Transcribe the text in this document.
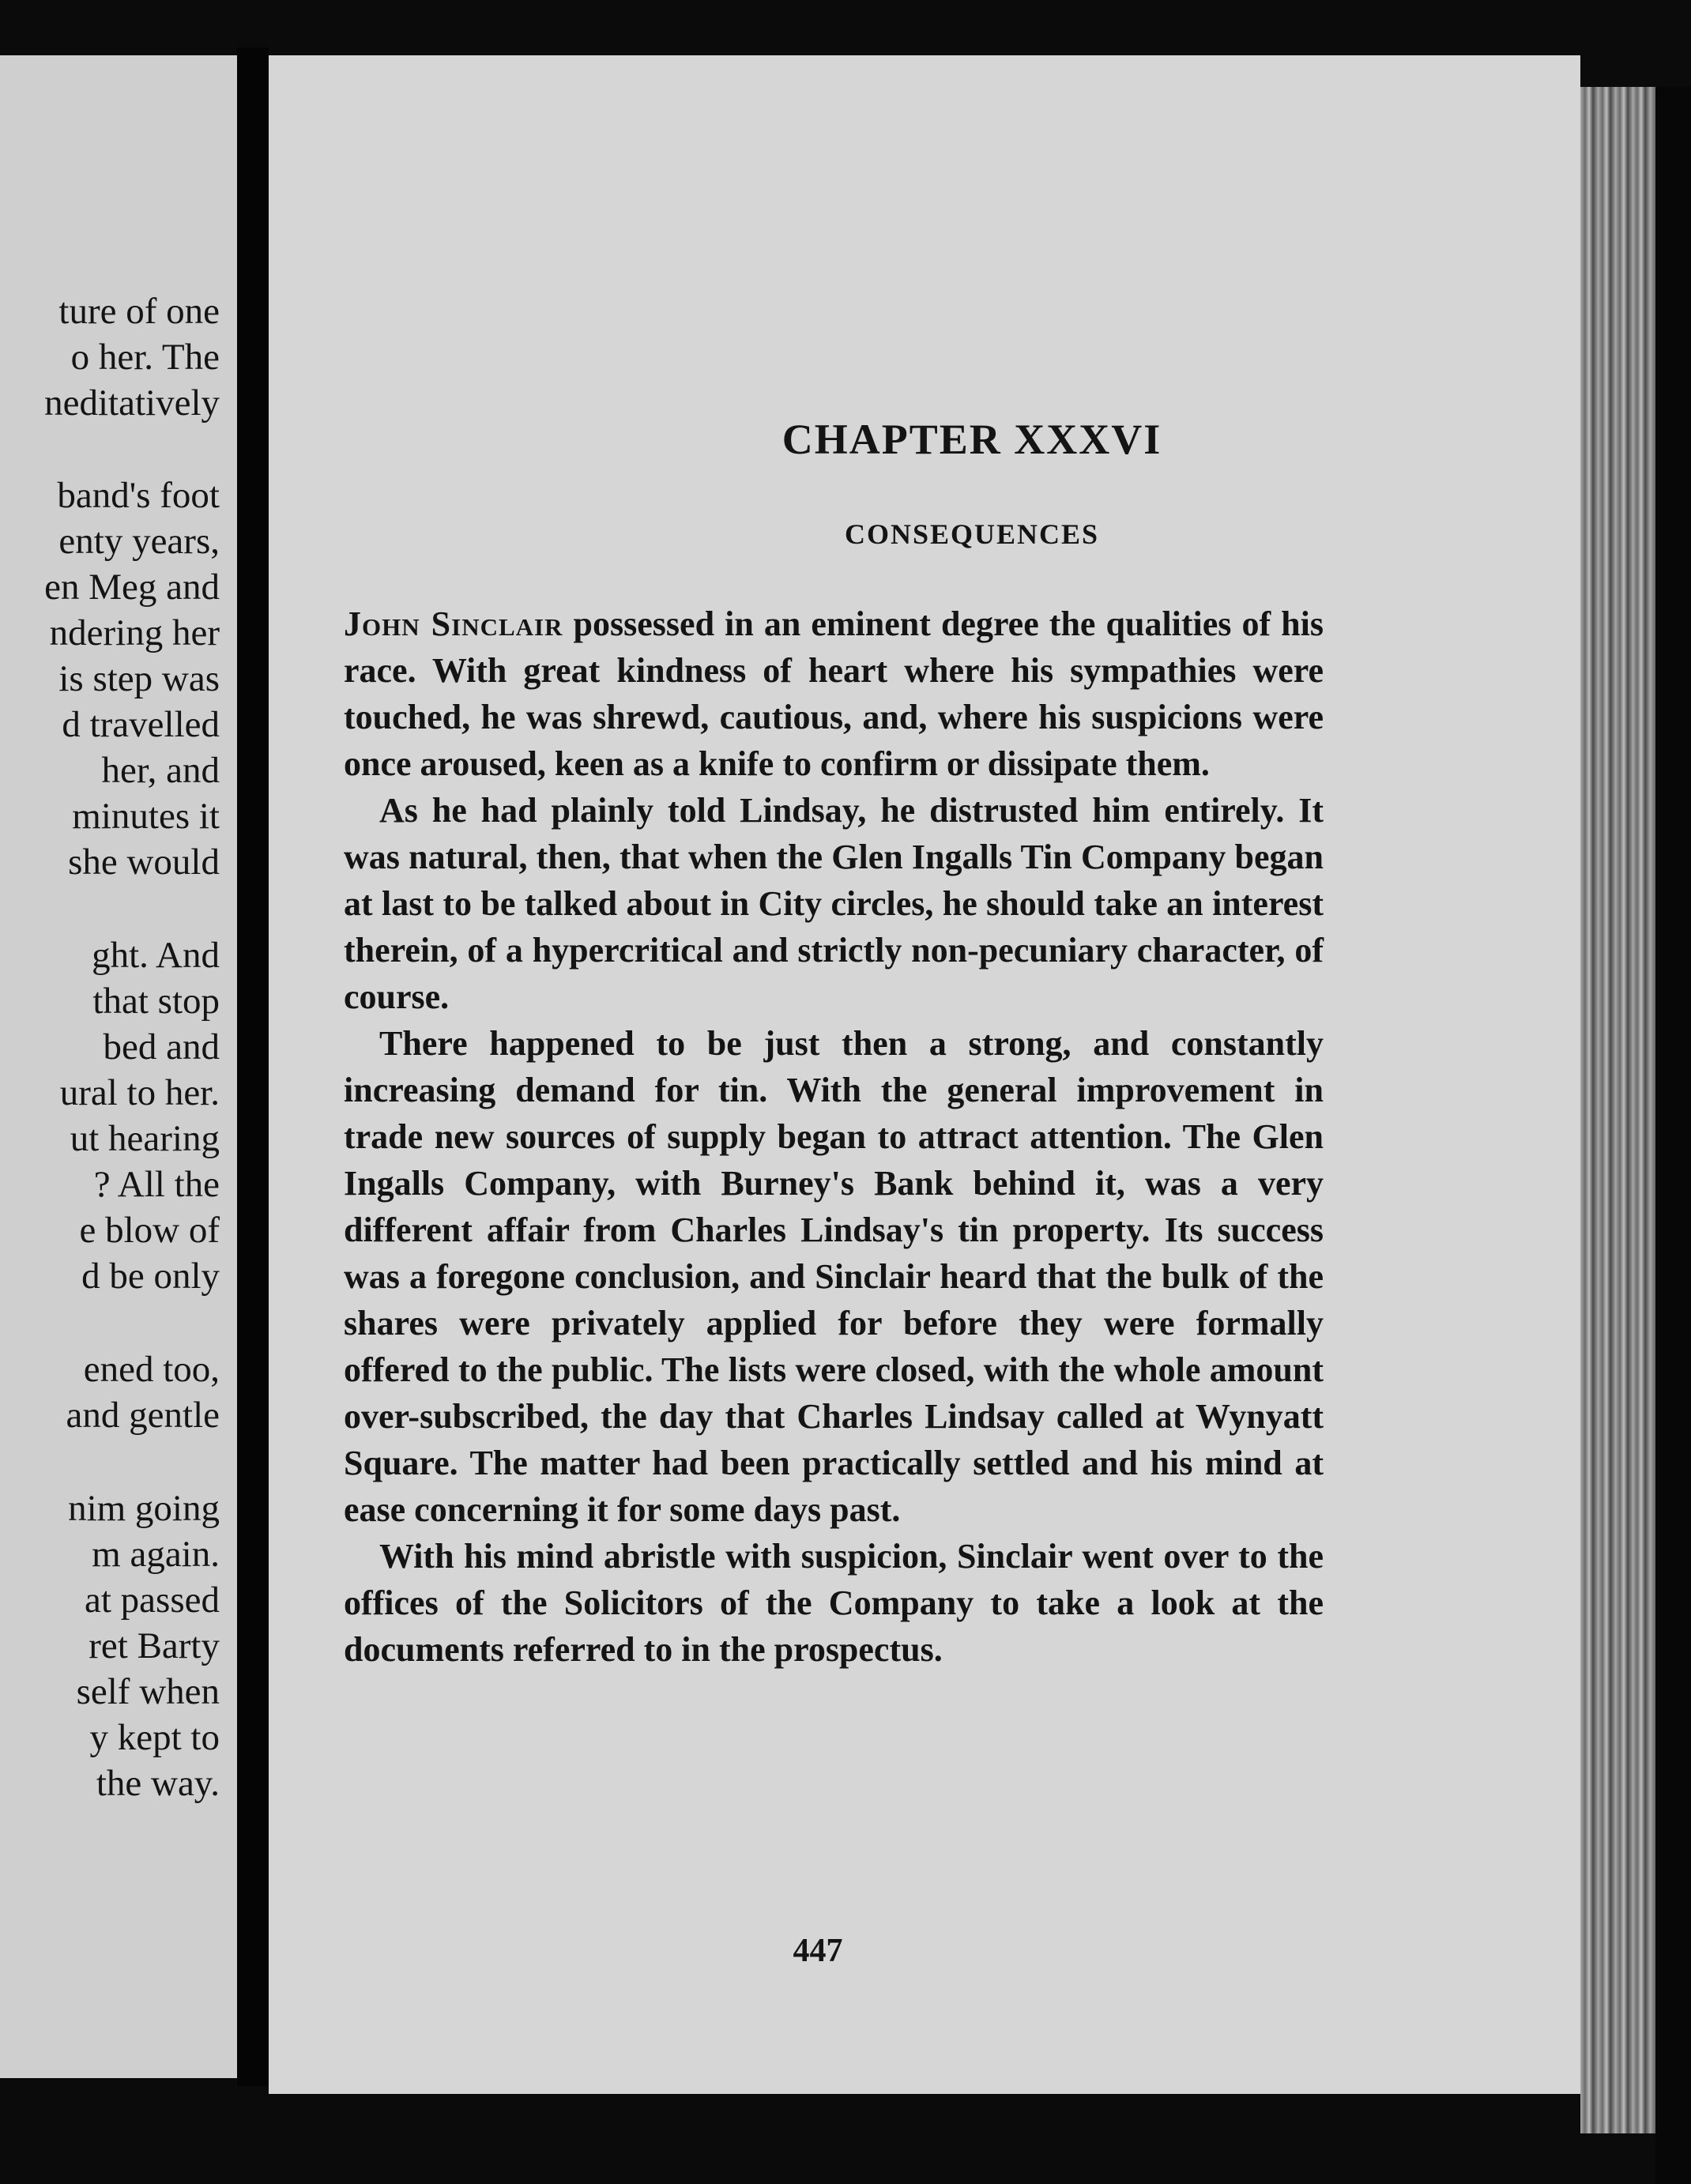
ture of one
o her. The
neditatively
band's foot
enty years,
en Meg and
ndering her
is step was
d travelled
her, and
minutes it
she would
ght. And
that stop
bed and
ural to her.
ut hearing
? All the
e blow of
d be only
ened too,
and gentle
nim going
m again.
at passed
ret Barty
self when
y kept to
the way.
CHAPTER XXXVI
CONSEQUENCES

John Sinclair possessed in an eminent degree the qualities of his race. With great kindness of heart where his sympathies were touched, he was shrewd, cautious, and, where his suspicions were once aroused, keen as a knife to confirm or dissipate them.

As he had plainly told Lindsay, he distrusted him entirely. It was natural, then, that when the Glen Ingalls Tin Company began at last to be talked about in City circles, he should take an interest therein, of a hypercritical and strictly non-pecuniary character, of course.

There happened to be just then a strong, and constantly increasing demand for tin. With the general improvement in trade new sources of supply began to attract attention. The Glen Ingalls Company, with Burney's Bank behind it, was a very different affair from Charles Lindsay's tin property. Its success was a foregone conclusion, and Sinclair heard that the bulk of the shares were privately applied for before they were formally offered to the public. The lists were closed, with the whole amount over-subscribed, the day that Charles Lindsay called at Wynyatt Square. The matter had been practically settled and his mind at ease concerning it for some days past.

With his mind abristle with suspicion, Sinclair went over to the offices of the Solicitors of the Company to take a look at the documents referred to in the prospectus.

447
